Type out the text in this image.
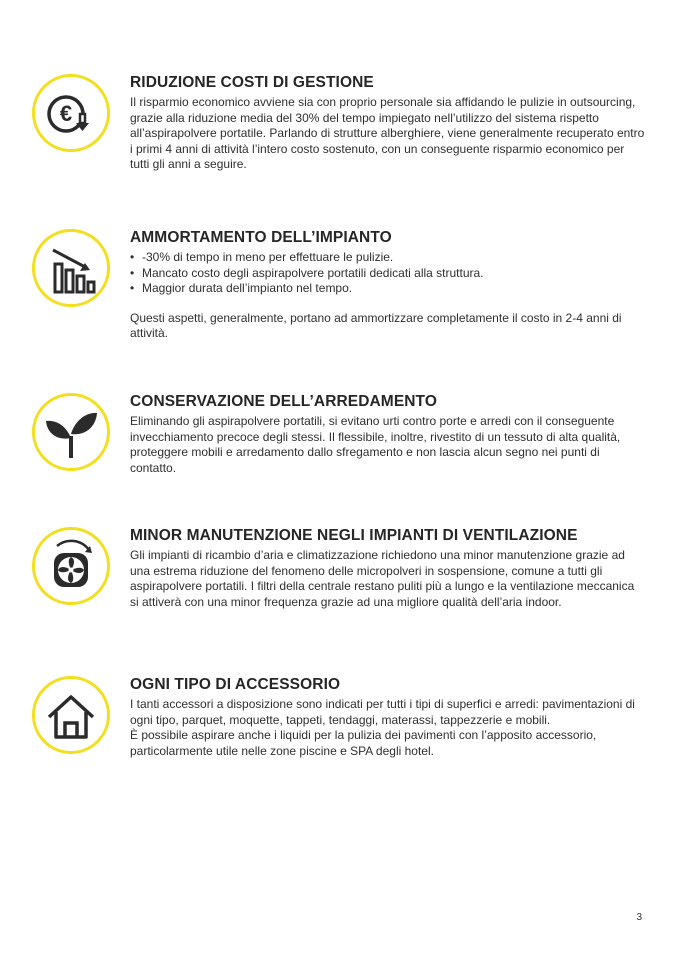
€
RIDUZIONE COSTI DI GESTIONE

Il risparmio economico avviene sia con proprio personale sia affidando le pulizie in outsourcing, grazie alla riduzione media del 30% del tempo impiegato nell’utilizzo del sistema rispetto all’aspirapolvere portatile. Parlando di strutture alberghiere, viene generalmente recuperato entro i primi 4 anni di attività l’intero costo sostenuto, con un conseguente risparmio economico per tutti gli anni a seguire.

AMMORTAMENTO DELL’IMPIANTO
• -30% di tempo in meno per effettuare le pulizie.
• Mancato costo degli aspirapolvere portatili dedicati alla struttura.
• Maggior durata dell’impianto nel tempo.

Questi aspetti, generalmente, portano ad ammortizzare completamente il costo in 2-4 anni di attività.

CONSERVAZIONE DELL’ARREDAMENTO

Eliminando gli aspirapolvere portatili, si evitano urti contro porte e arredi con il conseguente invecchiamento precoce degli stessi. Il flessibile, inoltre, rivestito di un tessuto di alta qualità, proteggere mobili e arredamento dallo sfregamento e non lascia alcun segno nei punti di contatto.

MINOR MANUTENZIONE NEGLI IMPIANTI DI VENTILAZIONE

Gli impianti di ricambio d’aria e climatizzazione richiedono una minor manutenzione grazie ad una estrema riduzione del fenomeno delle micropolveri in sospensione, comune a tutti gli aspirapolvere portatili. I filtri della centrale restano puliti più a lungo e la ventilazione meccanica si attiverà con una minor frequenza grazie ad una migliore qualità dell’aria indoor.

OGNI TIPO DI ACCESSORIO

I tanti accessori a disposizione sono indicati per tutti i tipi di superfici e arredi: pavimentazioni di ogni tipo, parquet, moquette, tappeti, tendaggi, materassi, tappezzerie e mobili.

È possibile aspirare anche i liquidi per la pulizia dei pavimenti con l’apposito accessorio, particolarmente utile nelle zone piscine e SPA degli hotel.

3
